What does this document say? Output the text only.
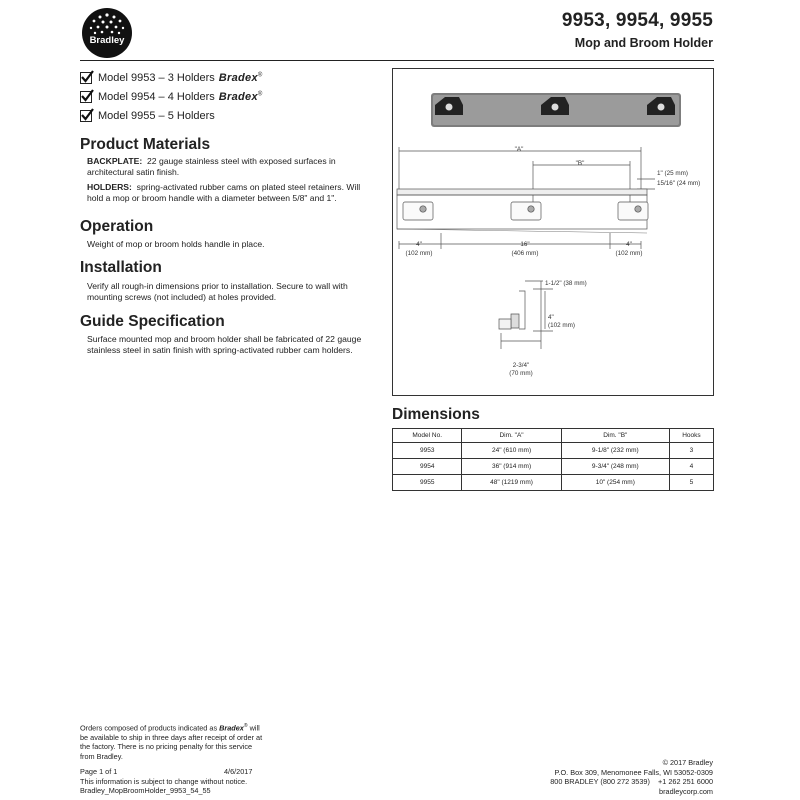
Bradley
9953, 9954, 9955
Mop and Broom Holder
Model 9953 – 3 Holders Bradex®
Model 9954 – 4 Holders Bradex®
Model 9955 – 5 Holders
Product Materials
BACKPLATE: 22 gauge stainless steel with exposed surfaces in architectural satin finish.
HOLDERS: spring-activated rubber cams on plated steel retainers. Will hold a mop or broom handle with a diameter between 5/8" and 1".
Operation
Weight of mop or broom holds handle in place.
Installation
Verify all rough-in dimensions prior to installation. Secure to wall with mounting screws (not included) at holes provided.
Guide Specification
Surface mounted mop and broom holder shall be fabricated of 22 gauge stainless steel in satin finish with spring-activated rubber cam holders.
"A"
"B"
1" (25 mm)
15/16" (24 mm)
4"
(102 mm)
16"
(406 mm)
4"
(102 mm)
1-1/2" (38 mm)
4"
(102 mm)
2-3/4"
(70 mm)
Dimensions
Model No.	Dim. "A"	Dim. "B"	Hooks
9953	24" (610 mm)	9-1/8" (232 mm)	3
9954	36" (914 mm)	9-3/4" (248 mm)	4
9955	48" (1219 mm)	10" (254 mm)	5
Orders composed of products indicated as Bradex® will be available to ship in three days after receipt of order at the factory. There is no pricing penalty for this service from Bradley.
Page 1 of 1
This information is subject to change without notice.
Bradley_MopBroomHolder_9953_54_55
4/6/2017
© 2017 Bradley
P.O. Box 309, Menomonee Falls, WI 53052-0309
800 BRADLEY (800 272 3539) +1 262 251 6000
bradleycorp.com
